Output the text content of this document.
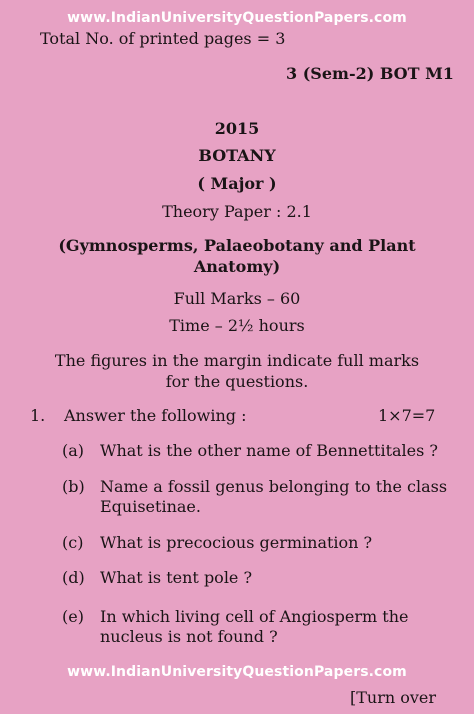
www.IndianUniversityQuestionPapers.com
Total No. of printed pages = 3
3 (Sem-2) BOT M1
2015
BOTANY
( Major )
Theory Paper : 2.1
(Gymnosperms, Palaeobotany and Plant
Anatomy)
Full Marks – 60
Time – 2½ hours
The figures in the margin indicate full marks
for the questions.
1. Answer the following :	1×7=7
(a) What is the other name of Bennettitales ?
(b) Name a fossil genus belonging to the class
Equisetinae.
(c) What is precocious germination ?
(d) What is tent pole ?
(e) In which living cell of Angiosperm the
nucleus is not found ?
www.IndianUniversityQuestionPapers.com
[Turn over
